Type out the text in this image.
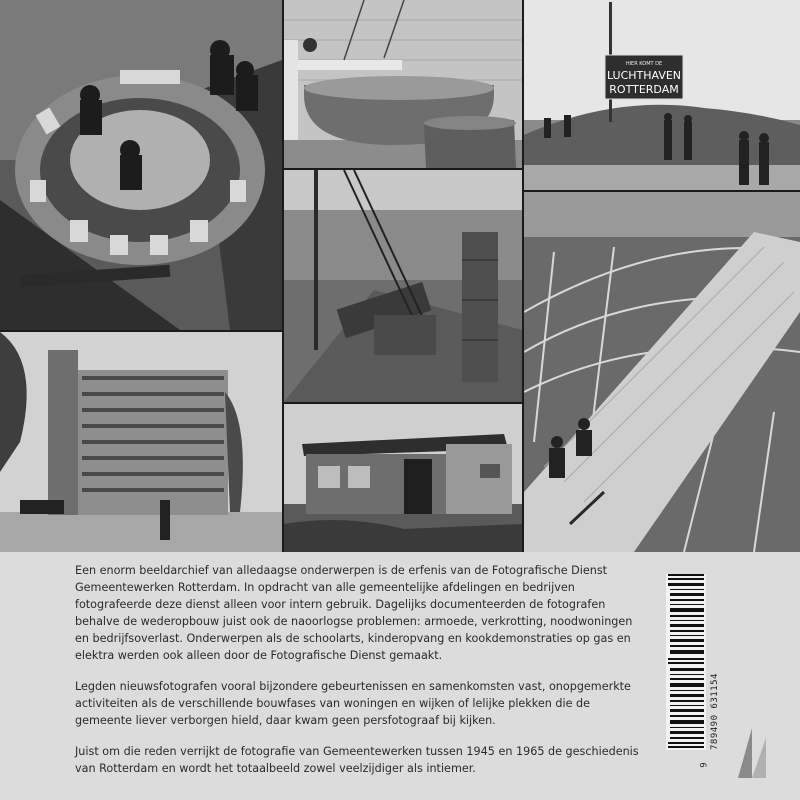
HIER KOMT DE
LUCHTHAVEN
ROTTERDAM

Een enorm beeldarchief van alledaagse onderwerpen is de erfenis van de Fotografische Dienst Gemeentewerken Rotterdam. In opdracht van alle gemeentelijke afdelingen en bedrijven fotografeerde deze dienst alleen voor intern gebruik. Dagelijks documenteerden de fotografen behalve de wederopbouw juist ook de naoorlogse problemen: armoede, verkrotting, noodwoningen en bedrijfsoverlast. Onderwerpen als de schoolarts, kinderopvang en kookdemonstraties op gas en elektra werden ook alleen door de Fotografische Dienst gemaakt.

Legden nieuwsfotografen vooral bijzondere gebeurtenissen en samenkomsten vast, onopgemerkte activiteiten als de verschillende bouwfases van woningen en wijken of lelijke plekken die de gemeente liever verborgen hield, daar kwam geen persfotograaf bij kijken.

Juist om die reden verrijkt de fotografie van Gemeentewerken tussen 1945 en 1965 de geschiedenis van Rotterdam en wordt het totaalbeeld zowel veelzijdiger als intiemer.

789490 631154
9
